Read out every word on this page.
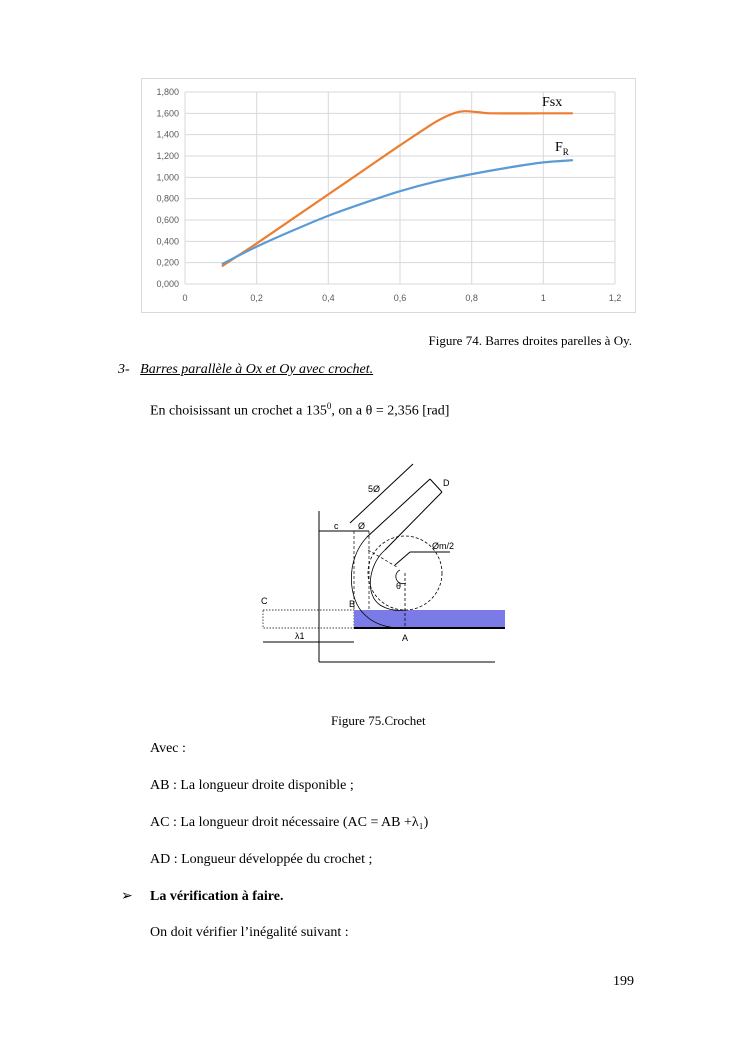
0,000
0,200
0,400
0,600
0,800
1,000
1,200
1,400
1,600
1,800
0	0,2	0,4	0,6	0,8	1	1,2
Fsx
$F_R$
Figure 74. Barres droites parelles à Oy.
3- Barres parallèle à Ox et Oy avec crochet.
En choisissant un crochet a $135^0$, on a θ = 2,356 [rad]
5Ø
D
c Ø
Øm/2
θ
C	B
A
λ1
Figure 75.Crochet
Avec :
AB : La longueur droite disponible ;
AC : La longueur droit nécessaire (AC = AB +λ₁)
AD : Longueur développée du crochet ;
➢ La vérification à faire.
On doit vérifier l’inégalité suivant :
199
